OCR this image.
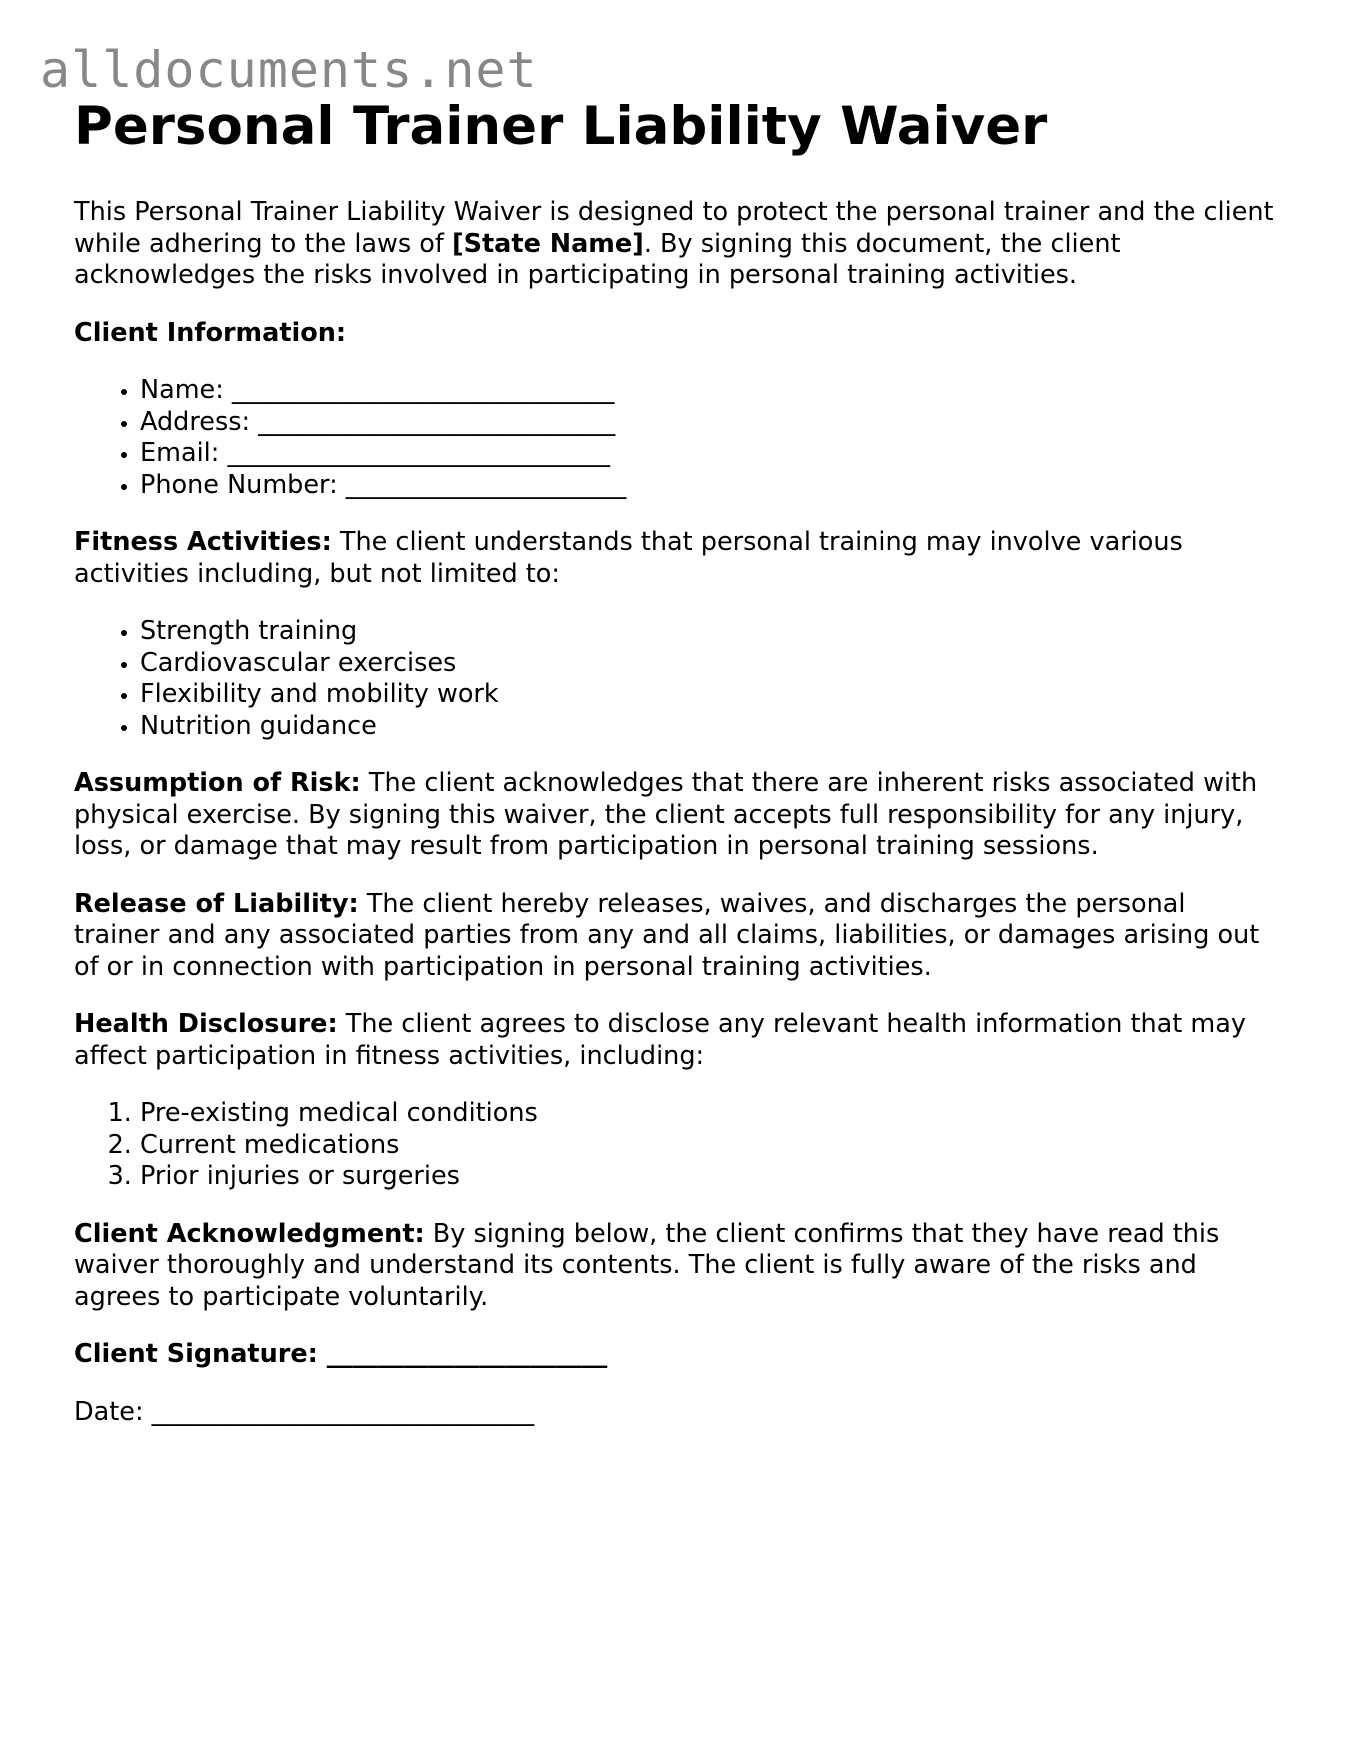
alldocuments.net
Personal Trainer Liability Waiver

This Personal Trainer Liability Waiver is designed to protect the personal trainer and the client while adhering to the laws of [State Name]. By signing this document, the client acknowledges the risks involved in participating in personal training activities.

Client Information:

• Name: ______________________________
• Address: ____________________________
• Email: ______________________________
• Phone Number: ______________________

Fitness Activities: The client understands that personal training may involve various activities including, but not limited to:

• Strength training
• Cardiovascular exercises
• Flexibility and mobility work
• Nutrition guidance

Assumption of Risk: The client acknowledges that there are inherent risks associated with physical exercise. By signing this waiver, the client accepts full responsibility for any injury, loss, or damage that may result from participation in personal training sessions.

Release of Liability: The client hereby releases, waives, and discharges the personal trainer and any associated parties from any and all claims, liabilities, or damages arising out of or in connection with participation in personal training activities.

Health Disclosure: The client agrees to disclose any relevant health information that may affect participation in fitness activities, including:

1. Pre-existing medical conditions
2. Current medications
3. Prior injuries or surgeries

Client Acknowledgment: By signing below, the client confirms that they have read this waiver thoroughly and understand its contents. The client is fully aware of the risks and agrees to participate voluntarily.

Client Signature: ______________________

Date: ______________________________
